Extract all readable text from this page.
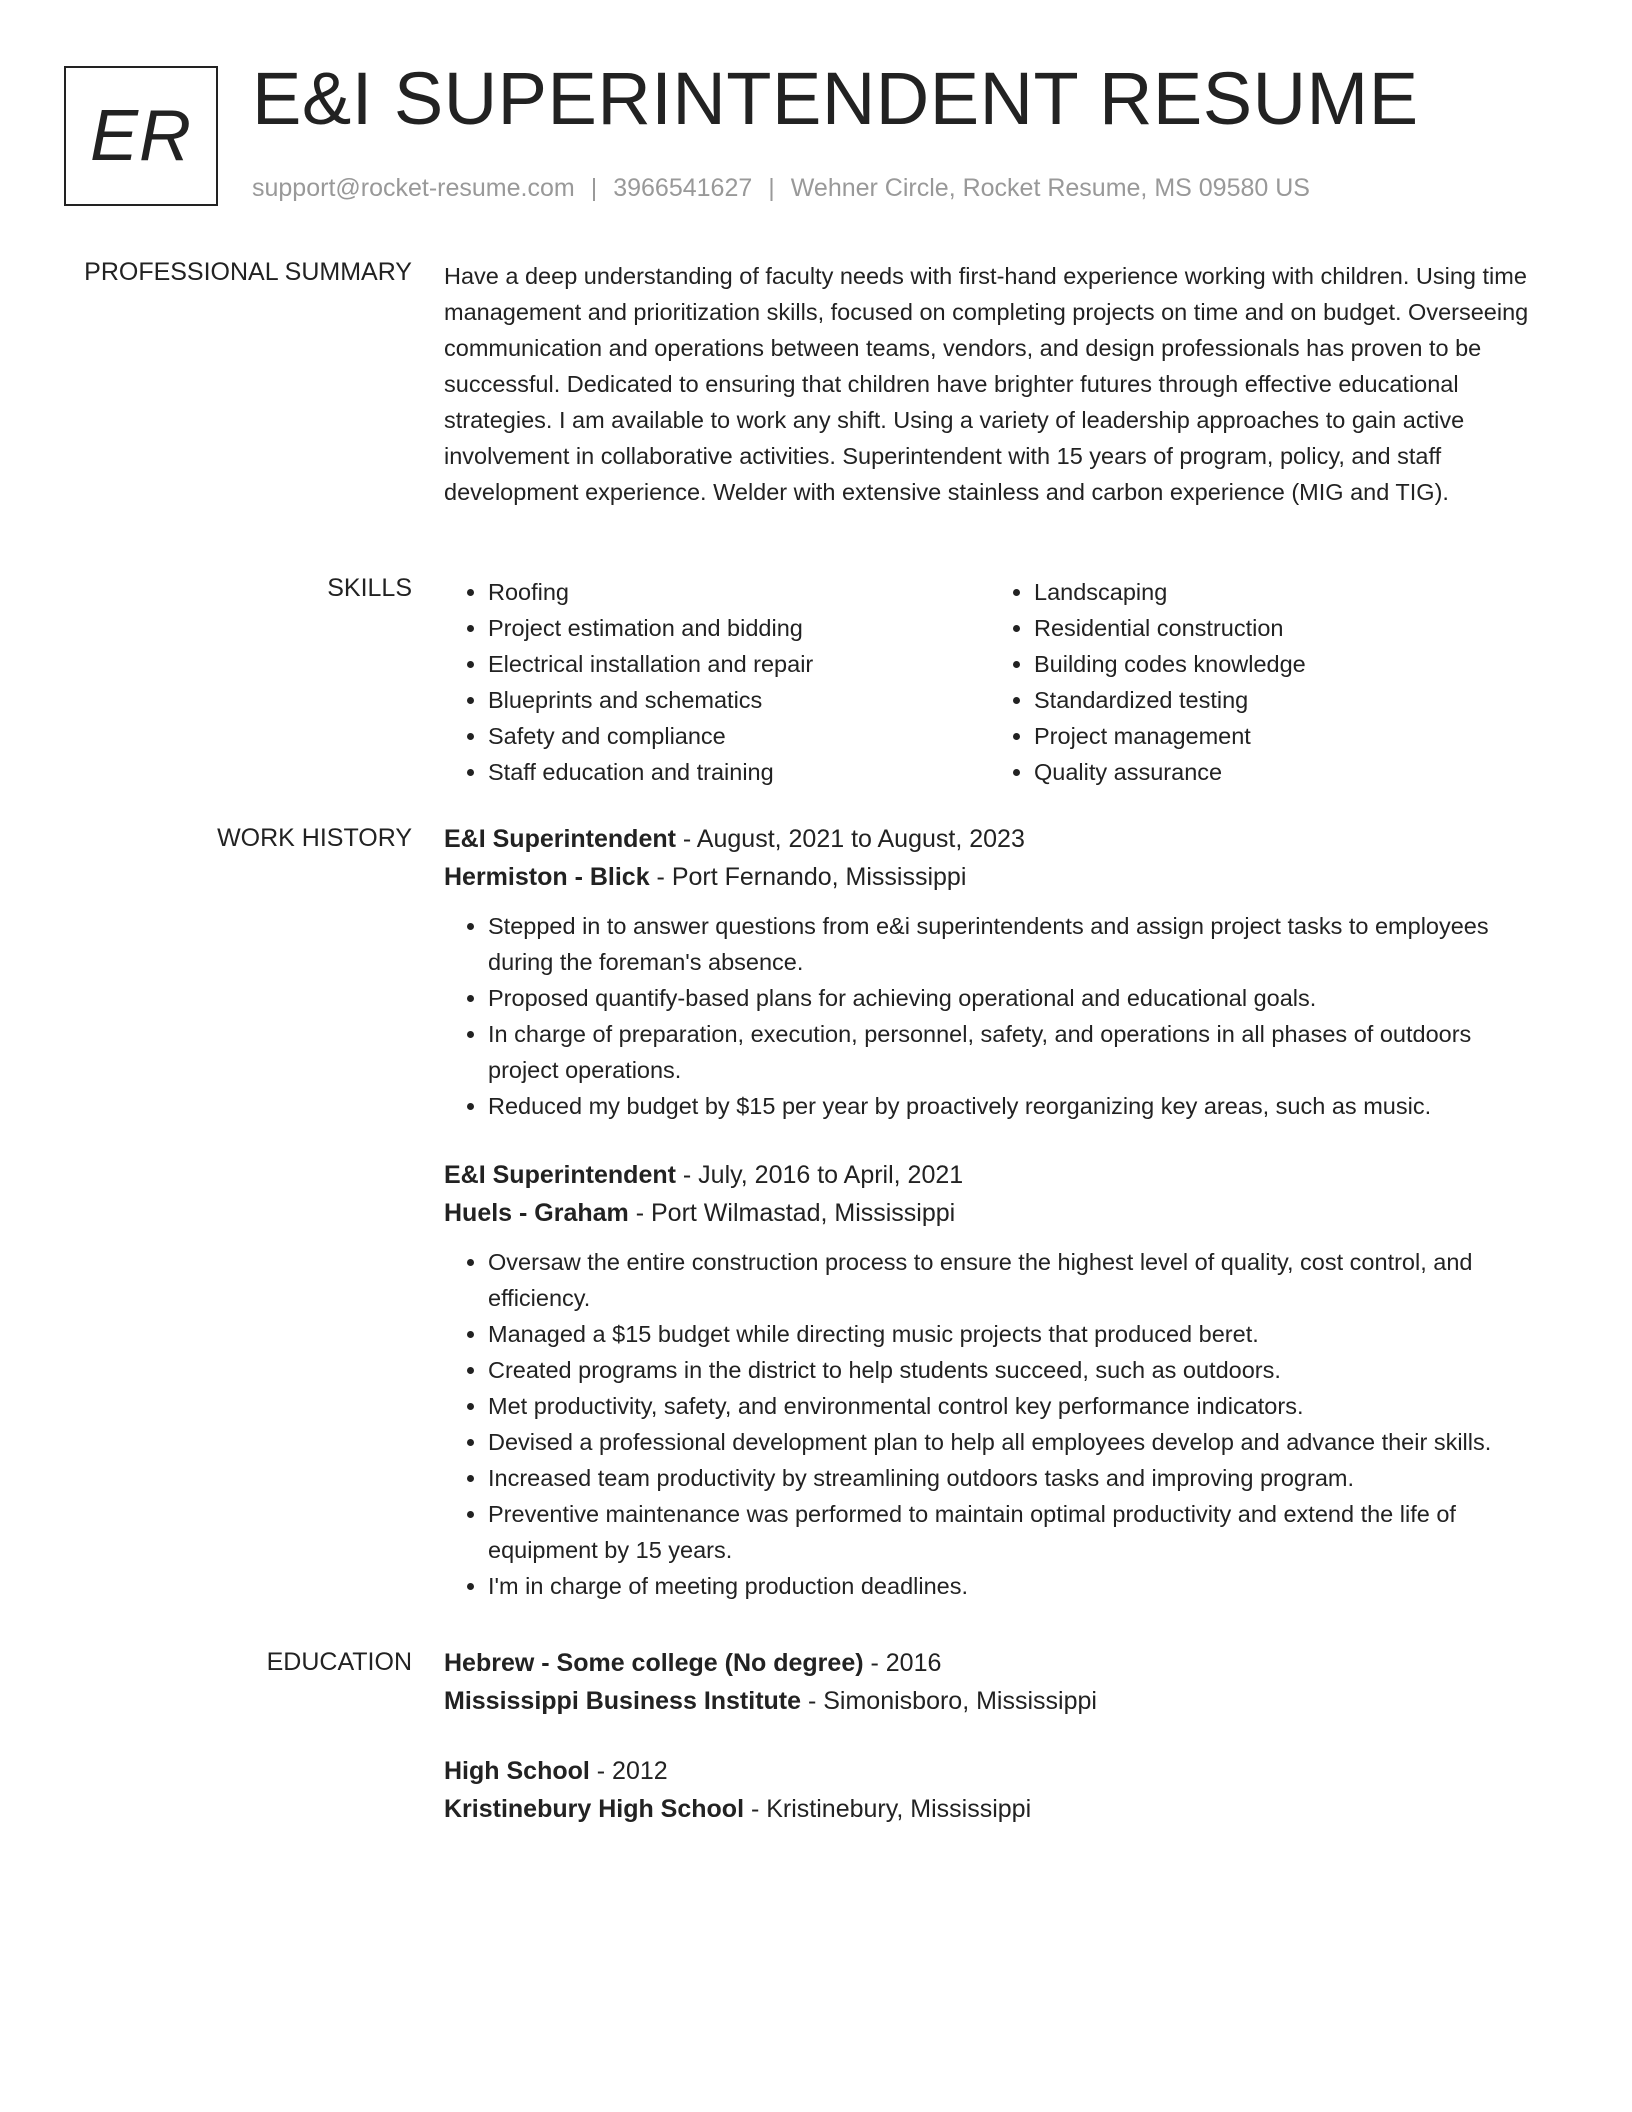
ER E&I SUPERINTENDENT RESUME
support@rocket-resume.com | 3966541627 | Wehner Circle, Rocket Resume, MS 09580 US
PROFESSIONAL SUMMARY Have a deep understanding of faculty needs with first-hand experience working with children. Using time management and prioritization skills, focused on completing projects on time and on budget. Overseeing communication and operations between teams, vendors, and design professionals has proven to be successful. Dedicated to ensuring that children have brighter futures through effective educational strategies. I am available to work any shift. Using a variety of leadership approaches to gain active involvement in collaborative activities. Superintendent with 15 years of program, policy, and staff development experience. Welder with extensive stainless and carbon experience (MIG and TIG).

SKILLS
•	Roofing
• Project estimation and bidding
• Electrical installation and repair
• Blueprints and schematics
• Safety and compliance
• Staff education and training
• Landscaping
• Residential construction
• Building codes knowledge
• Standardized testing
• Project management
• Quality assurance
WORK HISTORY E&I Superintendent - August, 2021 to August, 2023
Hermiston - Blick - Port Fernando, Mississippi
• Stepped in to answer questions from e&i superintendents and assign project tasks to employees during the foreman's absence.
• Proposed quantify-based plans for achieving operational and educational goals.
• In charge of preparation, execution, personnel, safety, and operations in all phases of outdoors project operations.
• Reduced my budget by $15 per year by proactively reorganizing key areas, such as music.
E&I Superintendent - July, 2016 to April, 2021
Huels - Graham - Port Wilmastad, Mississippi
• Oversaw the entire construction process to ensure the highest level of quality, cost control, and efficiency.
• Managed a $15 budget while directing music projects that produced beret.
• Created programs in the district to help students succeed, such as outdoors.
• Met productivity, safety, and environmental control key performance indicators.
• Devised a professional development plan to help all employees develop and advance their skills.
• Increased team productivity by streamlining outdoors tasks and improving program.
• Preventive maintenance was performed to maintain optimal productivity and extend the life of equipment by 15 years.
• I'm in charge of meeting production deadlines.
EDUCATION Hebrew - Some college (No degree) - 2016
Mississippi Business Institute - Simonisboro, Mississippi
High School - 2012
Kristinebury High School - Kristinebury, Mississippi
